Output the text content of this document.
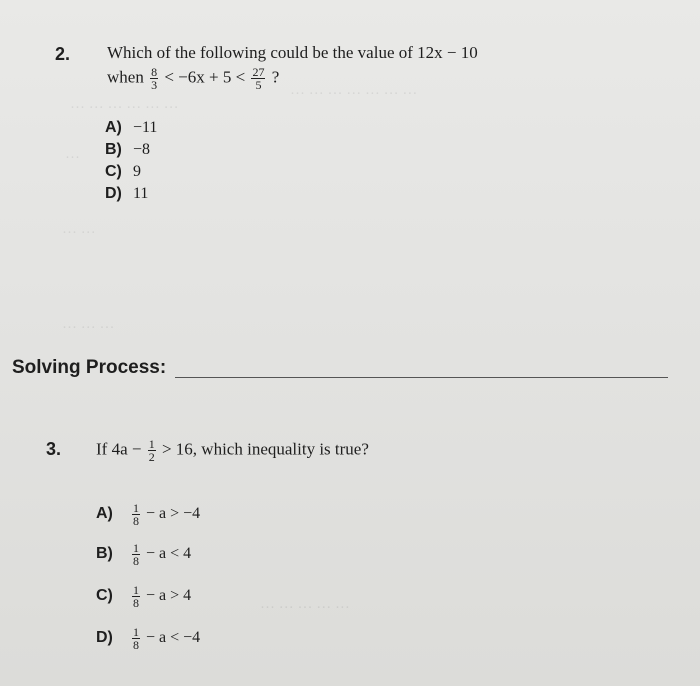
··· ··· ··· ··· ··· ···
··· ··· ··· ··· ··· ··· ···
···
··· ···
··· ··· ···
··· ··· ··· ··· ···
2. Which of the following could be the value of 12x − 10
when $\frac{8}{3} < -6x + 5 < \frac{27}{5}$ ?
A) −11
B) −8
C) 9
D) 11
Solving Process:
3. If $4a - \frac{1}{2} > 16$, which inequality is true?
$A) \frac{1}{8} - a > -4$
$B) \frac{1}{8} - a < 4$
$C) \frac{1}{8} - a > 4$
$D) \frac{1}{8} - a < -4$
